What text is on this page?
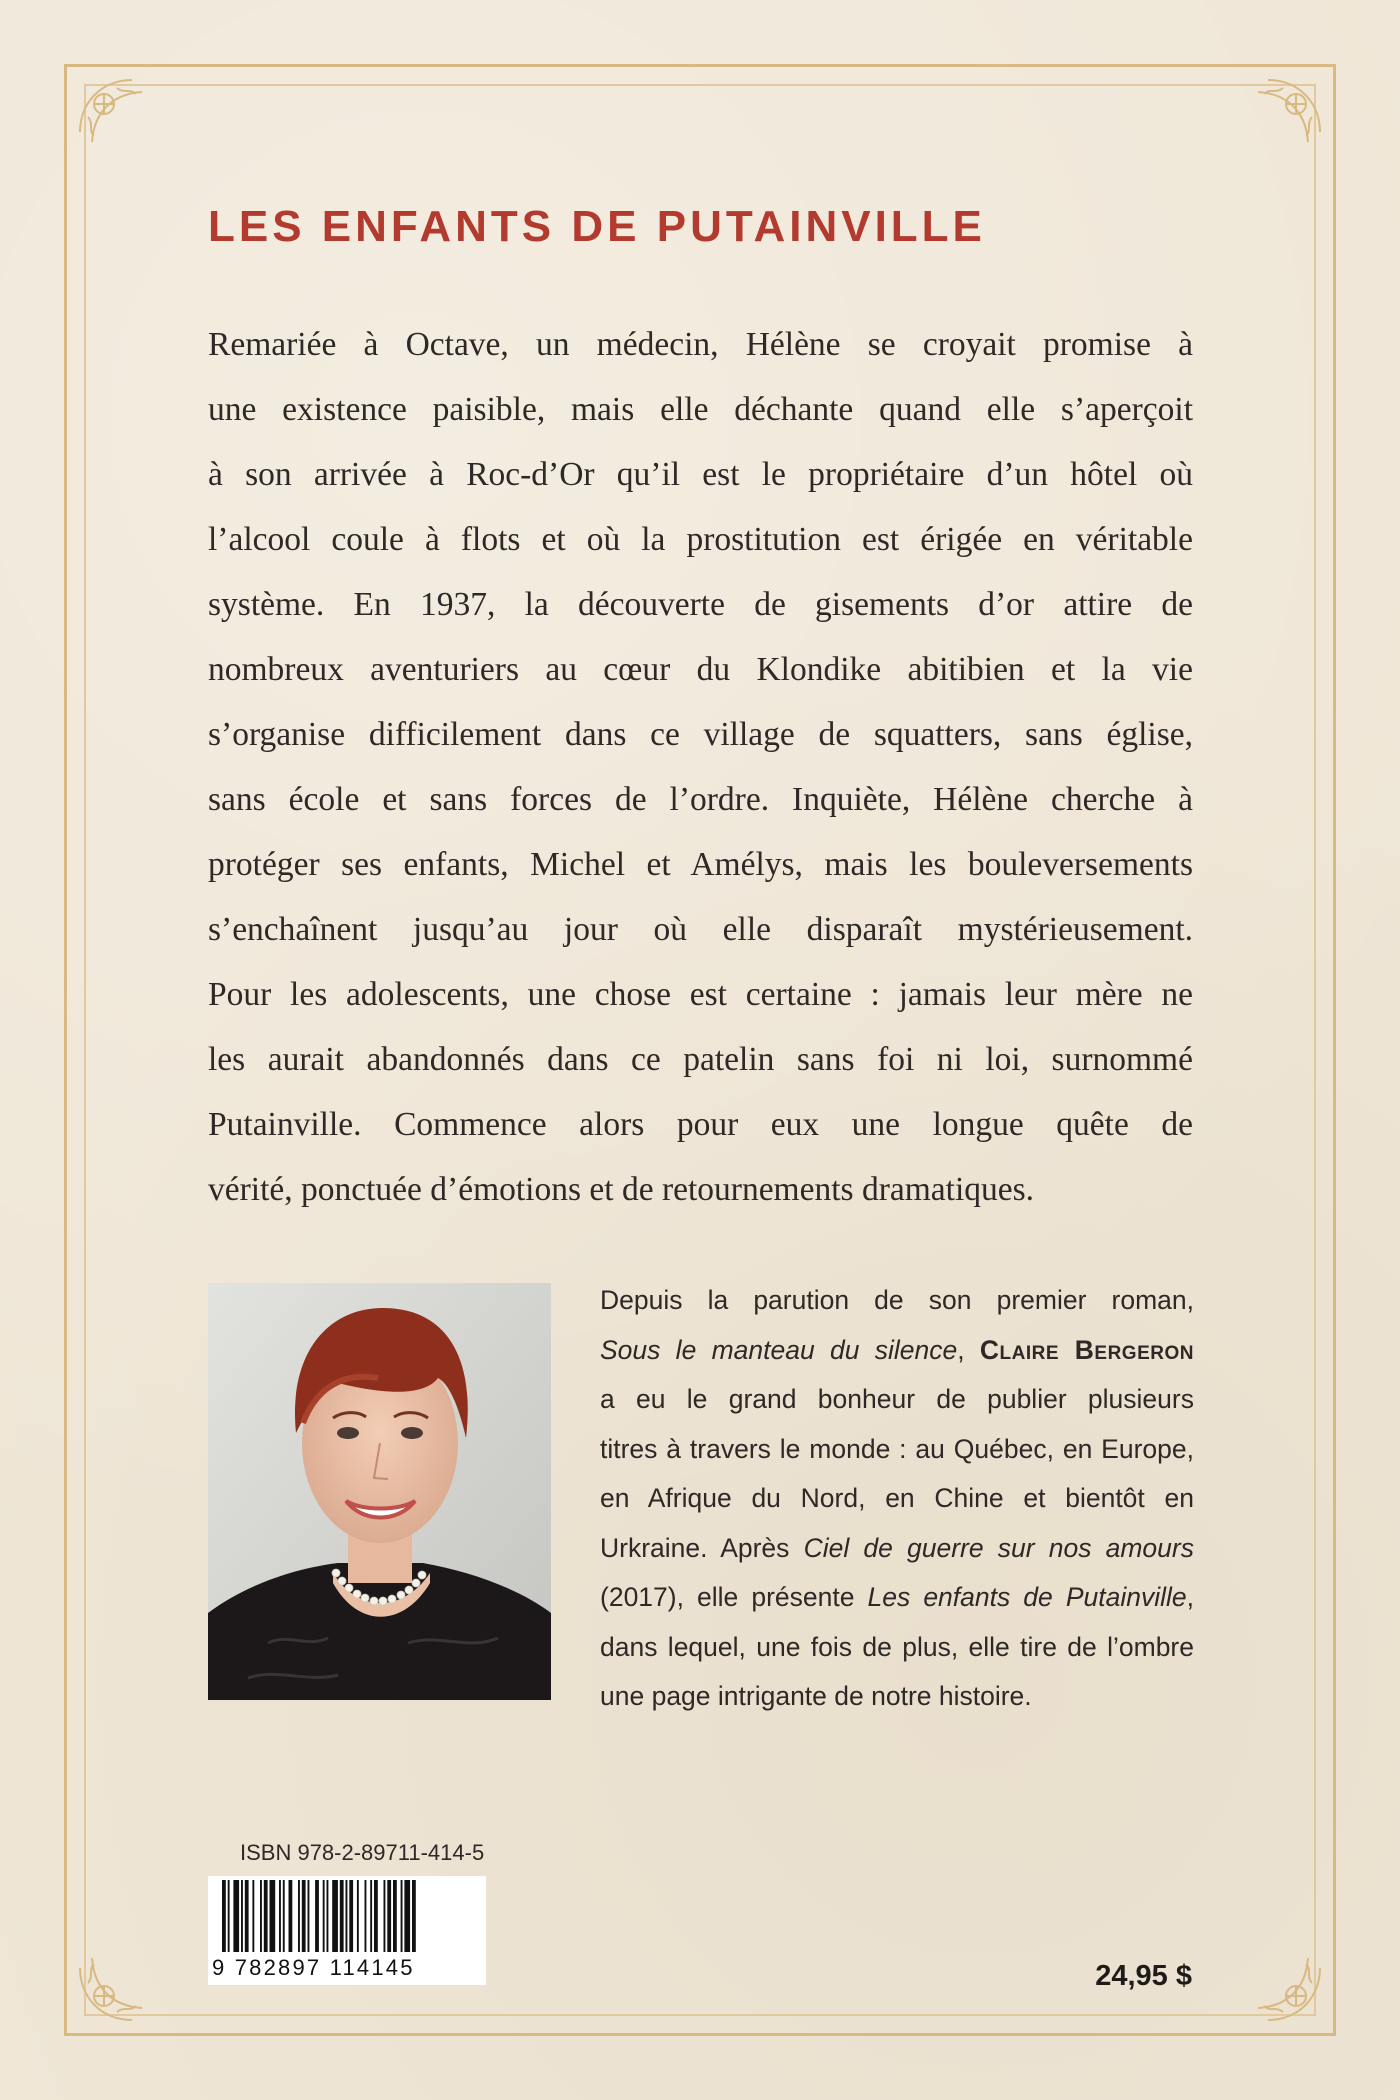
LES ENFANTS DE PUTAINVILLE
Remariée à Octave, un médecin, Hélène se croyait promise à
une existence paisible, mais elle déchante quand elle s’aperçoit
à son arrivée à Roc-d’Or qu’il est le propriétaire d’un hôtel où
l’alcool coule à flots et où la prostitution est érigée en véritable
système. En 1937, la découverte de gisements d’or attire de
nombreux aventuriers au cœur du Klondike abitibien et la vie
s’organise difficilement dans ce village de squatters, sans église,
sans école et sans forces de l’ordre. Inquiète, Hélène cherche à
protéger ses enfants, Michel et Amélys, mais les bouleversements
s’enchaînent jusqu’au jour où elle disparaît mystérieusement.
Pour les adolescents, une chose est certaine : jamais leur mère ne
les aurait abandonnés dans ce patelin sans foi ni loi, surnommé
Putainville. Commence alors pour eux une longue quête de
vérité, ponctuée d’émotions et de retournements dramatiques.
Depuis la parution de son premier roman,
Sous le manteau du silence, Claire Bergeron
a eu le grand bonheur de publier plusieurs
titres à travers le monde : au Québec, en Europe,
en Afrique du Nord, en Chine et bientôt en
Urkraine. Après Ciel de guerre sur nos amours
(2017), elle présente Les enfants de Putainville,
dans lequel, une fois de plus, elle tire de l’ombre
une page intrigante de notre histoire.
ISBN 978-2-89711-414-5
9 782897 114145	24,95 $
